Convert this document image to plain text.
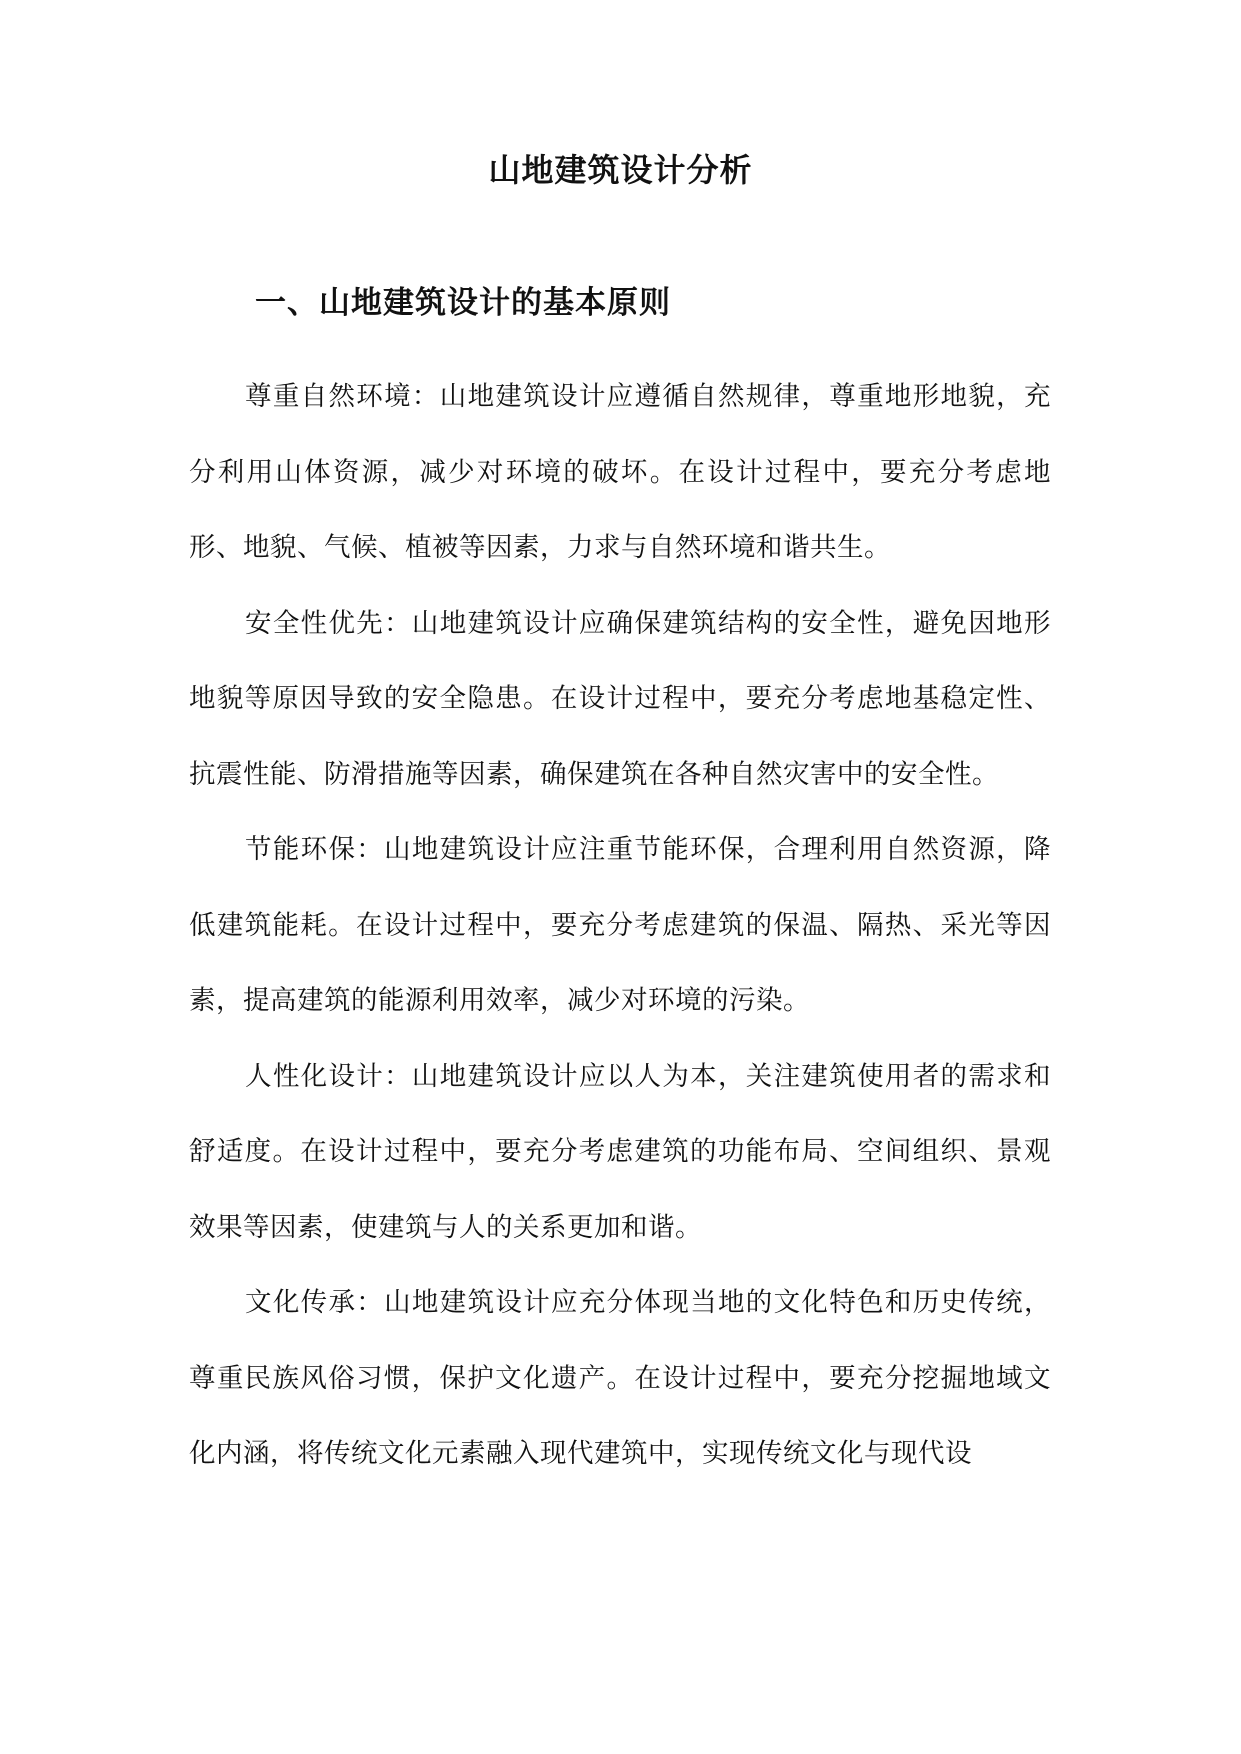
山地建筑设计分析
一、山地建筑设计的基本原则

尊重自然环境：山地建筑设计应遵循自然规律，尊重地形地貌，充分利用山体资源，减少对环境的破坏。在设计过程中，要充分考虑地形、地貌、气候、植被等因素，力求与自然环境和谐共生。

安全性优先：山地建筑设计应确保建筑结构的安全性，避免因地形地貌等原因导致的安全隐患。在设计过程中，要充分考虑地基稳定性、抗震性能、防滑措施等因素，确保建筑在各种自然灾害中的安全性。

节能环保：山地建筑设计应注重节能环保，合理利用自然资源，降低建筑能耗。在设计过程中，要充分考虑建筑的保温、隔热、采光等因素，提高建筑的能源利用效率，减少对环境的污染。

人性化设计：山地建筑设计应以人为本，关注建筑使用者的需求和舒适度。在设计过程中，要充分考虑建筑的功能布局、空间组织、景观效果等因素，使建筑与人的关系更加和谐。

文化传承：山地建筑设计应充分体现当地的文化特色和历史传统，尊重民族风俗习惯，保护文化遗产。在设计过程中，要充分挖掘地域文化内涵，将传统文化元素融入现代建筑中，实现传统文化与现代设
